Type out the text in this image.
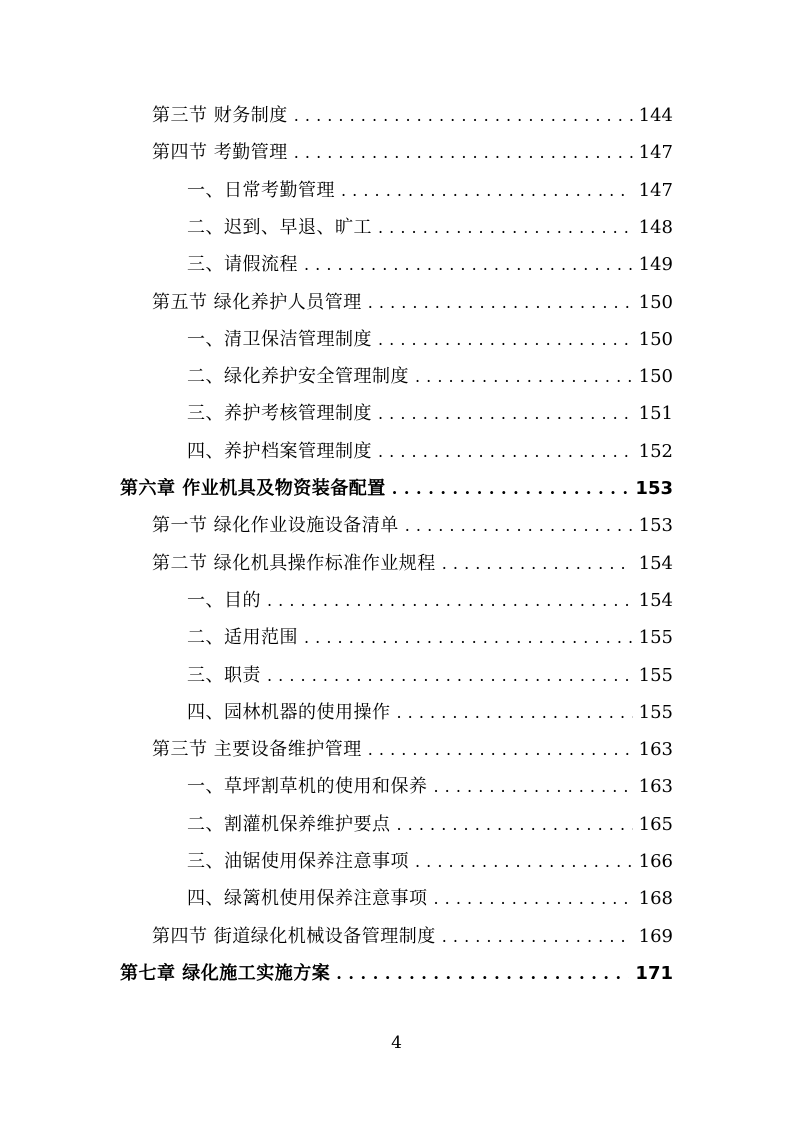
第三节 财务制度 . . .	144
第四节 考勤管理 . . .	147
一、日常考勤管理 . . .	147
二、迟到、早退、旷工 . . .	148
三、请假流程 . . .	149
第五节 绿化养护人员管理 . . .	150
一、清卫保洁管理制度 . . .	150
二、绿化养护安全管理制度 . . .	150
三、养护考核管理制度 . . .	151
四、养护档案管理制度 . . .	152
第六章 作业机具及物资装备配置 . . .	153
第一节 绿化作业设施设备清单 . . .	153
第二节 绿化机具操作标准作业规程 . . .	154
一、目的 . . .	154
二、适用范围 . . .	155
三、职责 . . .	155
四、园林机器的使用操作 . . .	155
第三节 主要设备维护管理 . . .	163
一、草坪割草机的使用和保养 . . .	163
二、割灌机保养维护要点 . . .	165
三、油锯使用保养注意事项 . . .	166
四、绿篱机使用保养注意事项 . . .	168
第四节 街道绿化机械设备管理制度 . . .	169
第七章 绿化施工实施方案 . . .	171
4
